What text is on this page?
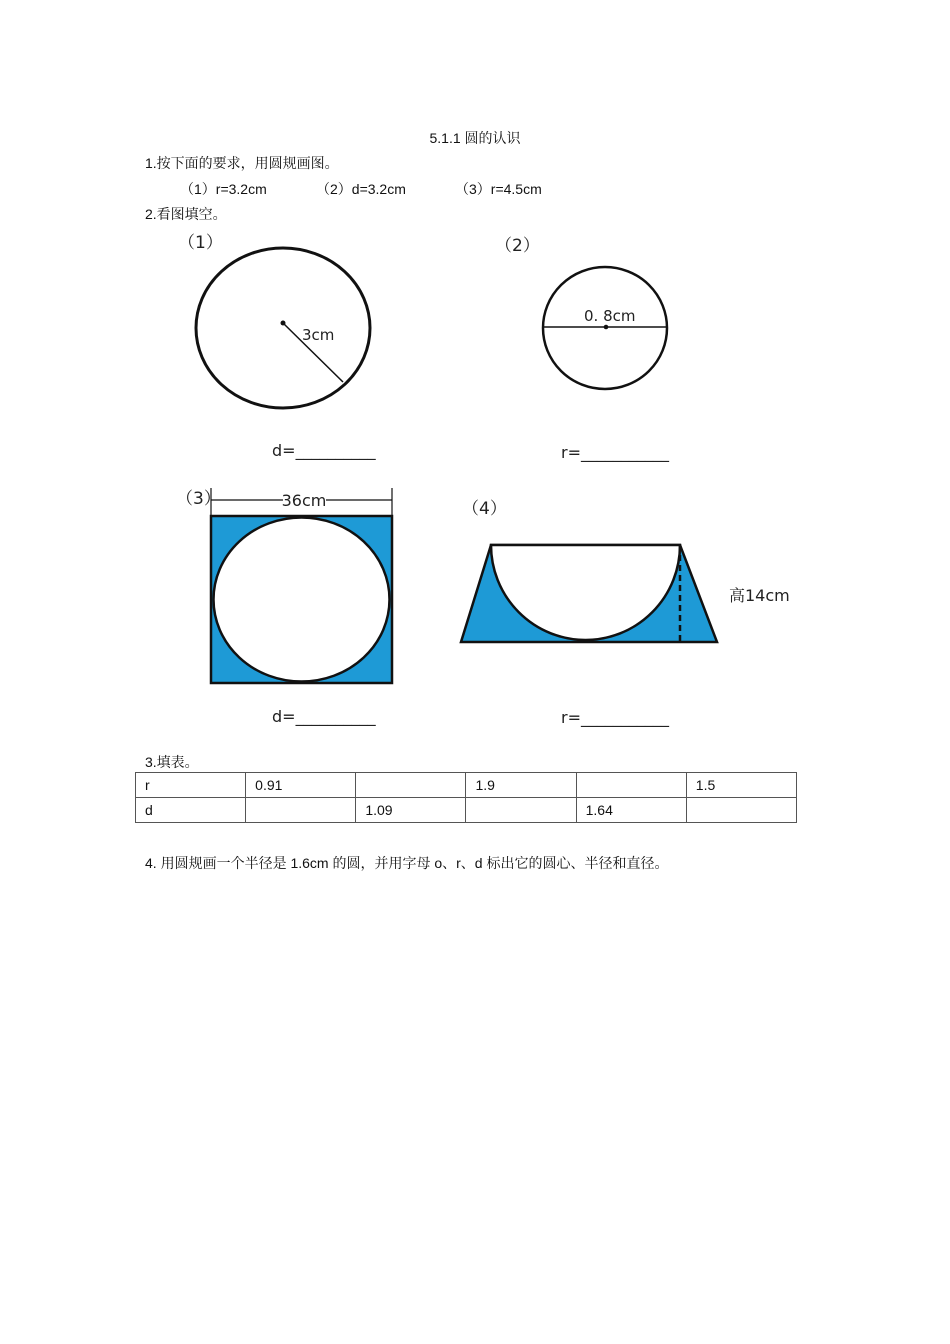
5.1.1 圆的认识
1.按下面的要求，用圆规画图。
（1）r=3.2cm	（2）d=3.2cm	（3）r=4.5cm
2.看图填空。
（1）
3cm
d=__________
（2）
0. 8cm
r=___________
（3）	36cm
d=__________
（4）
高14cm
r=___________
3.填表。
r	0.91		1.9		1.5
d		1.09		1.64	
4. 用圆规画一个半径是 1.6cm 的圆，并用字母 o、r、d 标出它的圆心、半径和直径。
